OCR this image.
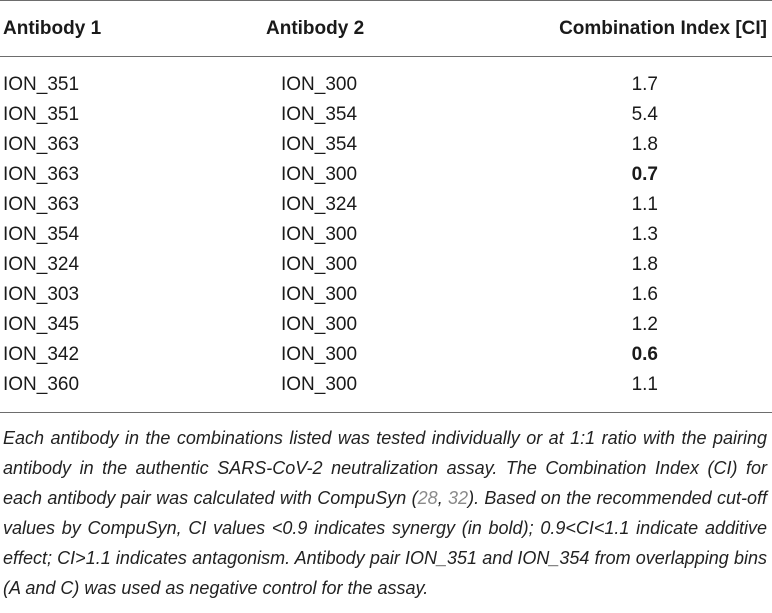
Antibody 1	Antibody 2	Combination Index [CI]
ION_351	ION_300	1.7
ION_351	ION_354	5.4
ION_363	ION_354	1.8
ION_363	ION_300	0.7
ION_363	ION_324	1.1
ION_354	ION_300	1.3
ION_324	ION_300	1.8
ION_303	ION_300	1.6
ION_345	ION_300	1.2
ION_342	ION_300	0.6
ION_360	ION_300	1.1

Each antibody in the combinations listed was tested individually or at 1:1 ratio with the pairing antibody in the authentic SARS-CoV-2 neutralization assay. The Combination Index (CI) for each antibody pair was calculated with CompuSyn (28, 32). Based on the recommended cut-off values by CompuSyn, CI values <0.9 indicates synergy (in bold); 0.9<CI<1.1 indicate additive effect; CI>1.1 indicates antagonism. Antibody pair ION_351 and ION_354 from overlapping bins (A and C) was used as negative control for the assay.
